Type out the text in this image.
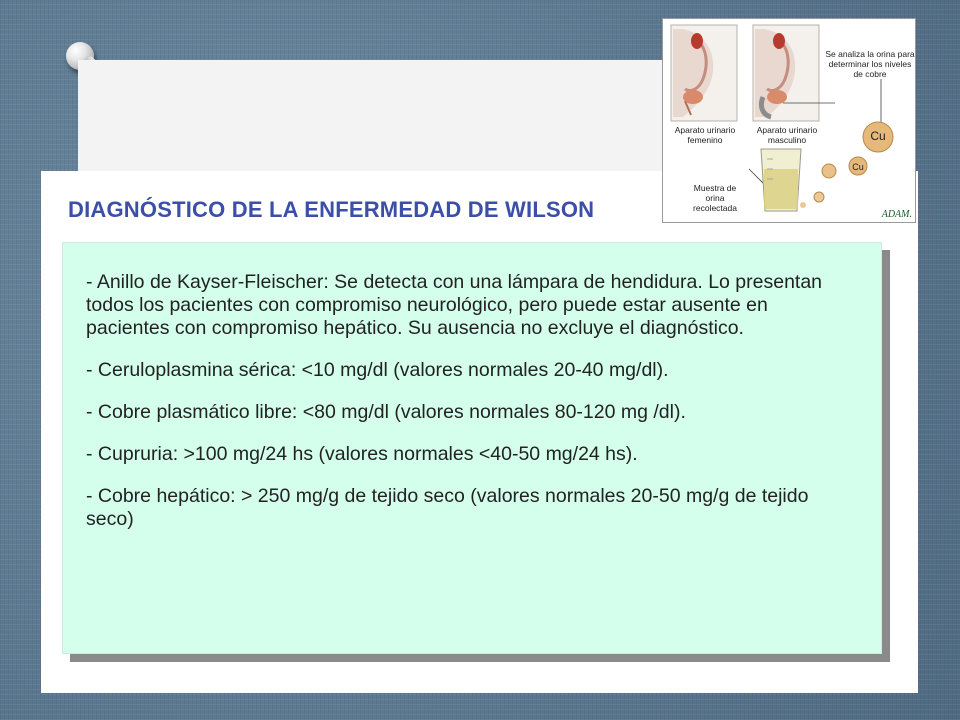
DIAGNÓSTICO DE LA ENFERMEDAD DE WILSON

- Anillo de Kayser-Fleischer: Se detecta con una lámpara de hendidura. Lo presentan todos los pacientes con compromiso neurológico, pero puede estar ausente en pacientes con compromiso hepático. Su ausencia no excluye el diagnóstico.

- Ceruloplasmina sérica: <10 mg/dl (valores normales 20-40 mg/dl).

- Cobre plasmático libre: <80 mg/dl (valores normales 80-120 mg /dl).

- Cupruria: >100 mg/24 hs (valores normales <40-50 mg/24 hs).

- Cobre hepático: > 250 mg/g de tejido seco (valores normales 20-50 mg/g de tejido seco)

Aparato urinario femenino
Aparato urinario masculino
Se analiza la orina para determinar los niveles de cobre
Muestra de orina recolectada
Cu
Cu
ADAM.
